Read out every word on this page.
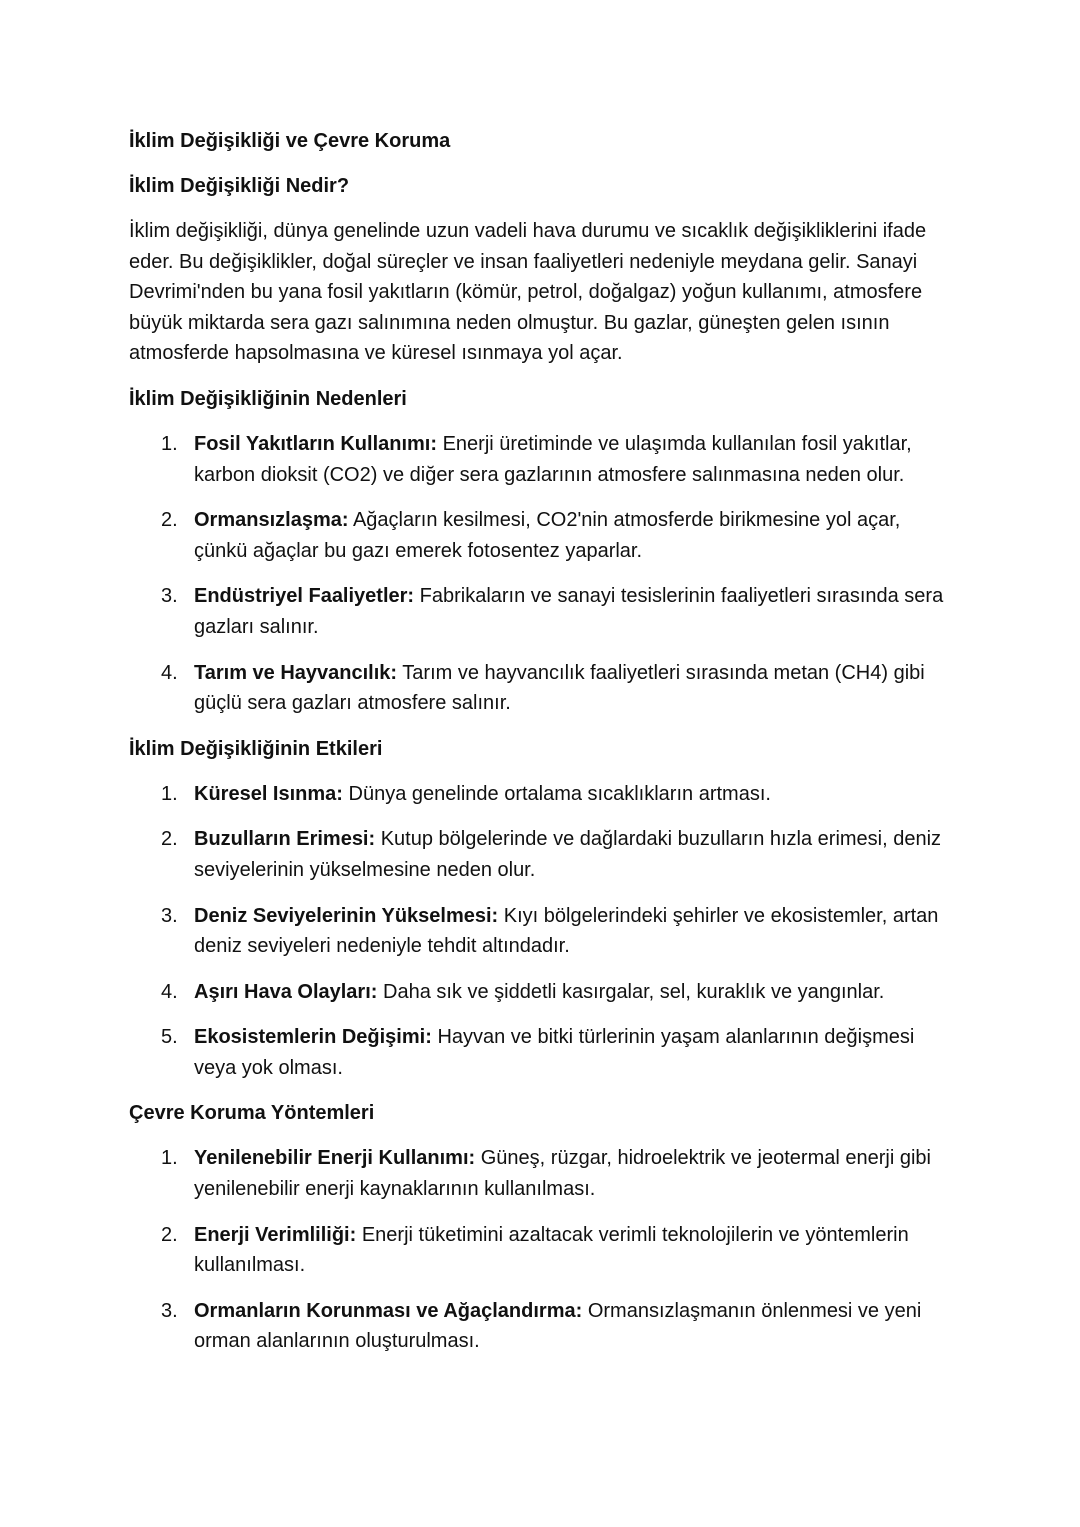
İklim Değişikliği ve Çevre Koruma
İklim Değişikliği Nedir?
İklim değişikliği, dünya genelinde uzun vadeli hava durumu ve sıcaklık değişikliklerini ifade eder. Bu değişiklikler, doğal süreçler ve insan faaliyetleri nedeniyle meydana gelir. Sanayi Devrimi'nden bu yana fosil yakıtların (kömür, petrol, doğalgaz) yoğun kullanımı, atmosfere büyük miktarda sera gazı salınımına neden olmuştur. Bu gazlar, güneşten gelen ısının atmosferde hapsolmasına ve küresel ısınmaya yol açar.
İklim Değişikliğinin Nedenleri
1. Fosil Yakıtların Kullanımı: Enerji üretiminde ve ulaşımda kullanılan fosil yakıtlar, karbon dioksit (CO2) ve diğer sera gazlarının atmosfere salınmasına neden olur.
2. Ormansızlaşma: Ağaçların kesilmesi, CO2'nin atmosferde birikmesine yol açar, çünkü ağaçlar bu gazı emerek fotosentez yaparlar.
3. Endüstriyel Faaliyetler: Fabrikaların ve sanayi tesislerinin faaliyetleri sırasında sera gazları salınır.
4. Tarım ve Hayvancılık: Tarım ve hayvancılık faaliyetleri sırasında metan (CH4) gibi güçlü sera gazları atmosfere salınır.
İklim Değişikliğinin Etkileri
1. Küresel Isınma: Dünya genelinde ortalama sıcaklıkların artması.
2. Buzulların Erimesi: Kutup bölgelerinde ve dağlardaki buzulların hızla erimesi, deniz seviyelerinin yükselmesine neden olur.
3. Deniz Seviyelerinin Yükselmesi: Kıyı bölgelerindeki şehirler ve ekosistemler, artan deniz seviyeleri nedeniyle tehdit altındadır.
4. Aşırı Hava Olayları: Daha sık ve şiddetli kasırgalar, sel, kuraklık ve yangınlar.
5. Ekosistemlerin Değişimi: Hayvan ve bitki türlerinin yaşam alanlarının değişmesi veya yok olması.
Çevre Koruma Yöntemleri
1. Yenilenebilir Enerji Kullanımı: Güneş, rüzgar, hidroelektrik ve jeotermal enerji gibi yenilenebilir enerji kaynaklarının kullanılması.
2. Enerji Verimliliği: Enerji tüketimini azaltacak verimli teknolojilerin ve yöntemlerin kullanılması.
3. Ormanların Korunması ve Ağaçlandırma: Ormansızlaşmanın önlenmesi ve yeni orman alanlarının oluşturulması.
